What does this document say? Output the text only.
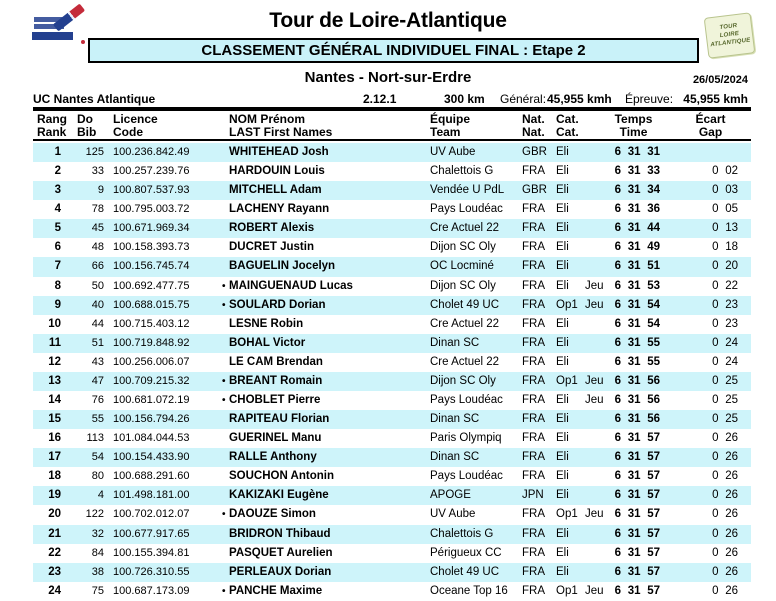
TOUR
LOIRE
ATLANTIQUE
Tour de Loire-Atlantique
CLASSEMENT GÉNÉRAL INDIVIDUEL FINAL : Etape 2
Nantes - Nort-sur-Erdre	26/05/2024
UC Nantes Atlantique	2.12.1	300 km Général: 45,955 kmh Épreuve: 45,955 kmh
Rang
Rank
Do
Bib
Licence
Code
NOM Prénom
LAST First Names
Équipe
Team
Nat.
Nat.
Cat.
Cat.
Temps
Time
Écart
Gap
1	125 100.236.842.49	WHITEHEAD Josh	UV Aube	GBR Eli	6 31 31
2	33 100.257.239.76	HARDOUIN Louis	Chalettois G	FRA Eli	6 31 33	0 02
3	9 100.807.537.93	MITCHELL Adam	Vendée U PdL	GBR Eli	6 31 34	0 03
4	78 100.795.003.72	LACHENY Rayann	Pays Loudéac	FRA Eli	6 31 36	0 05
5	45 100.671.969.34	ROBERT Alexis	Cre Actuel 22	FRA Eli	6 31 44	0 13
6	48 100.158.393.73	DUCRET Justin	Dijon SC Oly	FRA Eli	6 31 49	0 18
7	66 100.156.745.74	BAGUELIN Jocelyn	OC Locminé	FRA Eli	6 31 51	0 20
8	50 100.692.477.75	• MAINGUENAUD Lucas	Dijon SC Oly	FRA Eli	Jeu 6 31 53	0 22
9	40 100.688.015.75	• SOULARD Dorian	Cholet 49 UC	FRA Op1 Jeu 6 31 54	0 23
10	44 100.715.403.12	LESNE Robin	Cre Actuel 22	FRA Eli	6 31 54	0 23
11	51 100.719.848.92	BOHAL Victor	Dinan SC	FRA Eli	6 31 55	0 24
12	43 100.256.006.07	LE CAM Brendan	Cre Actuel 22	FRA Eli	6 31 55	0 24
13	47 100.709.215.32	• BREANT Romain	Dijon SC Oly	FRA Op1 Jeu 6 31 56	0 25
14	76 100.681.072.19	• CHOBLET Pierre	Pays Loudéac	FRA Eli	Jeu 6 31 56	0 25
15	55 100.156.794.26	RAPITEAU Florian	Dinan SC	FRA Eli	6 31 56	0 25
16	113 101.084.044.53	GUERINEL Manu	Paris Olympiq	FRA Eli	6 31 57	0 26
17	54 100.154.433.90	RALLE Anthony	Dinan SC	FRA Eli	6 31 57	0 26
18	80 100.688.291.60	SOUCHON Antonin	Pays Loudéac	FRA Eli	6 31 57	0 26
19	4 101.498.181.00	KAKIZAKI Eugène	APOGE	JPN	Eli	6 31 57	0 26
20	122 100.702.012.07	• DAOUZE Simon	UV Aube	FRA Op1 Jeu 6 31 57	0 26
21	32 100.677.917.65	BRIDRON Thibaud	Chalettois G	FRA Eli	6 31 57	0 26
22	84 100.155.394.81	PASQUET Aurelien	Périgueux CC	FRA Eli	6 31 57	0 26
23	38 100.726.310.55	PERLEAUX Dorian	Cholet 49 UC	FRA Eli	6 31 57	0 26
24	75 100.687.173.09	• PANCHE Maxime	Oceane Top 16	FRA Op1 Jeu 6 31 57	0 26
